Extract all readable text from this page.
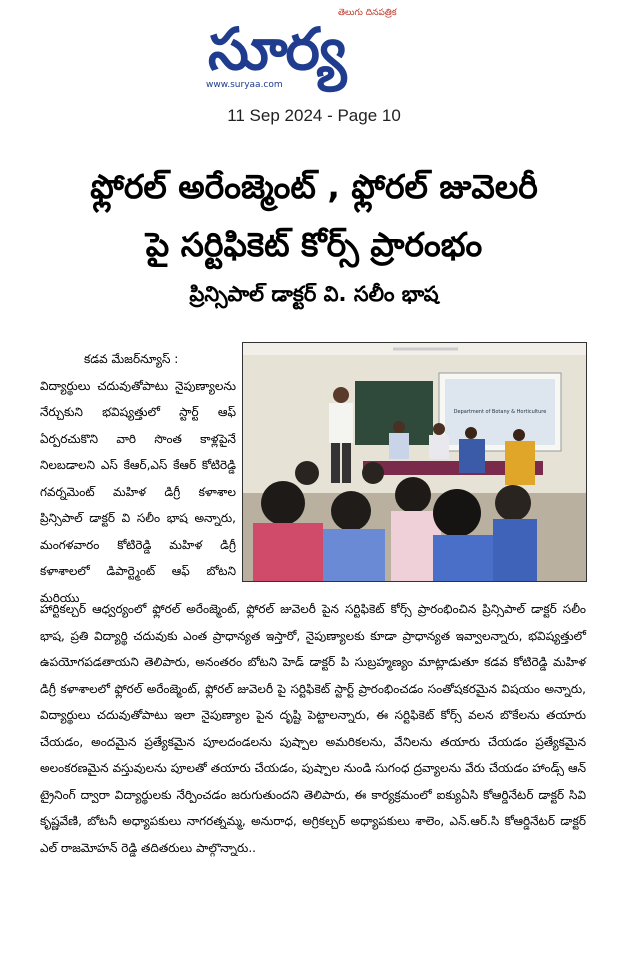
తెలుగు దినపత్రిక
సూర్య
www.suryaa.com
11 Sep 2024 - Page 10
ఫ్లోరల్ అరేంజ్మెంట్ , ఫ్లోరల్ జువెలరీ
పై సర్టిఫికెట్ కోర్స్ ప్రారంభం
ప్రిన్సిపాల్ డాక్టర్ వి. సలీం భాష
Department of Botany & Horticulture
కడవ మేజర్‌న్యూస్ :
విద్యార్థులు చదువుతోపాటు నైపుణ్యాలను నేర్చుకుని భవిష్యత్తులో స్టార్ట్ ఆఫ్ ఏర్పరచుకొని వారి సొంత కాళ్లపైనే నిలబడాలని ఎస్ కేఆర్,ఎస్ కేఆర్ కోటిరెడ్డి గవర్నమెంట్ మహిళ డిగ్రీ కళాశాల ప్రిన్సిపాల్ డాక్టర్ వి సలీం భాష అన్నారు, మంగళవారం కోటిరెడ్డి మహిళ డిగ్రీ కళాశాలలో డిపార్ట్మెంట్ ఆఫ్ బోటని మరియు
హార్టికల్చర్ ఆధ్వర్యంలో ఫ్లోరల్ అరేంజ్మెంట్, ఫ్లోరల్ జువెలరీ పైన సర్టిఫికెట్ కోర్స్ ప్రారంభించిన ప్రిన్సిపాల్ డాక్టర్ సలీం భాష, ప్రతి విద్యార్థి చదువుకు ఎంత ప్రాధాన్యత ఇస్తారో, నైపుణ్యాలకు కూడా ప్రాధాన్యత ఇవ్వాలన్నారు, భవిష్యత్తులో ఉపయోగపడతాయని తెలిపారు, అనంతరం బోటని హెడ్ డాక్టర్ పి సుబ్రహ్మణ్యం మాట్లాడుతూ కడవ కోటిరెడ్డి మహిళ డిగ్రీ కళాశాలలో ఫ్లోరల్ అరేంజ్మెంట్, ఫ్లోరల్ జువెలరీ పై సర్టిఫికెట్ స్టార్ట్ ప్రారంభించడం సంతోషకరమైన విషయం అన్నారు, విద్యార్థులు చదువుతోపాటు ఇలా నైపుణ్యాల పైన దృష్టి పెట్టాలన్నారు, ఈ సర్టిఫికెట్ కోర్స్ వలన బొకేలను తయారు చేయడం, అందమైన ప్రత్యేకమైన పూలదండలను పుష్పాల అమరికలను, వేనిలను తయారు చేయడం ప్రత్యేకమైన అలంకరణమైన వస్తువులను పూలతో తయారు చేయడం, పుష్పాల నుండి సుగంధ ద్రవ్యాలను వేరు చేయడం హాండ్స్ ఆన్ ట్రైనింగ్ ద్వారా విద్యార్థులకు నేర్పించడం జరుగుతుందని తెలిపారు, ఈ కార్యక్రమంలో ఐక్యుఏసి కోఆర్డినేటర్ డాక్టర్ సివి కృష్ణవేణి, బోటనీ అధ్యాపకులు నాగరత్నమ్మ, అనురాధ, అగ్రికల్చర్ అధ్యాపకులు శాలెం, ఎన్.ఆర్.సి కోఆర్డినేటర్ డాక్టర్ ఎల్ రాజమోహన్ రెడ్డి తదితరులు పాల్గొన్నారు..
